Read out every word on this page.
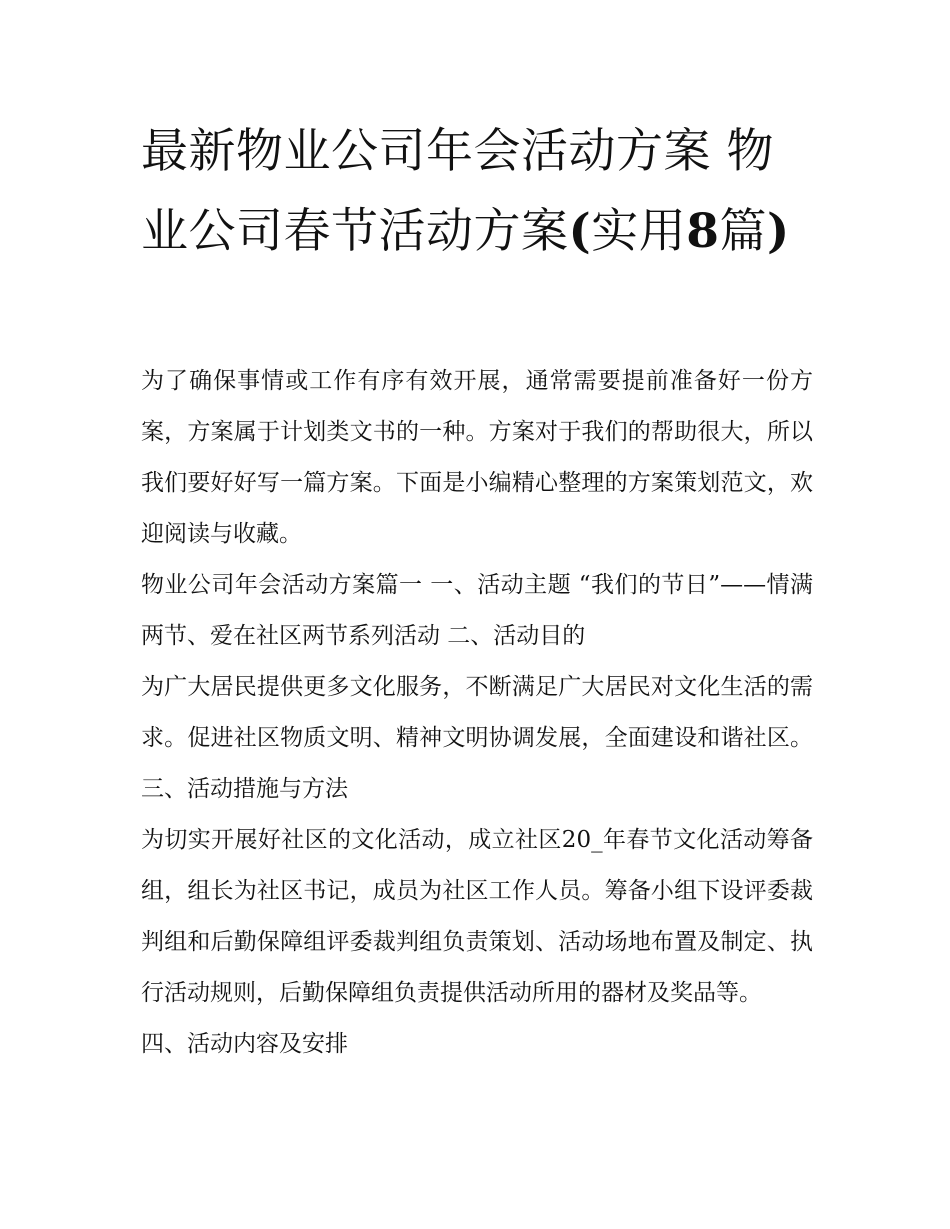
最新物业公司年会活动方案 物业公司春节活动方案(实用8篇)

为了确保事情或工作有序有效开展，通常需要提前准备好一份方案，方案属于计划类文书的一种。方案对于我们的帮助很大，所以我们要好好写一篇方案。下面是小编精心整理的方案策划范文，欢迎阅读与收藏。

物业公司年会活动方案篇一 一、活动主题 “我们的节日”——情满两节、爱在社区两节系列活动 二、活动目的

为广大居民提供更多文化服务，不断满足广大居民对文化生活的需求。促进社区物质文明、精神文明协调发展，全面建设和谐社区。 三、活动措施与方法

为切实开展好社区的文化活动，成立社区20_年春节文化活动筹备组，组长为社区书记，成员为社区工作人员。筹备小组下设评委裁判组和后勤保障组评委裁判组负责策划、活动场地布置及制定、执行活动规则，后勤保障组负责提供活动所用的器材及奖品等。

四、活动内容及安排
